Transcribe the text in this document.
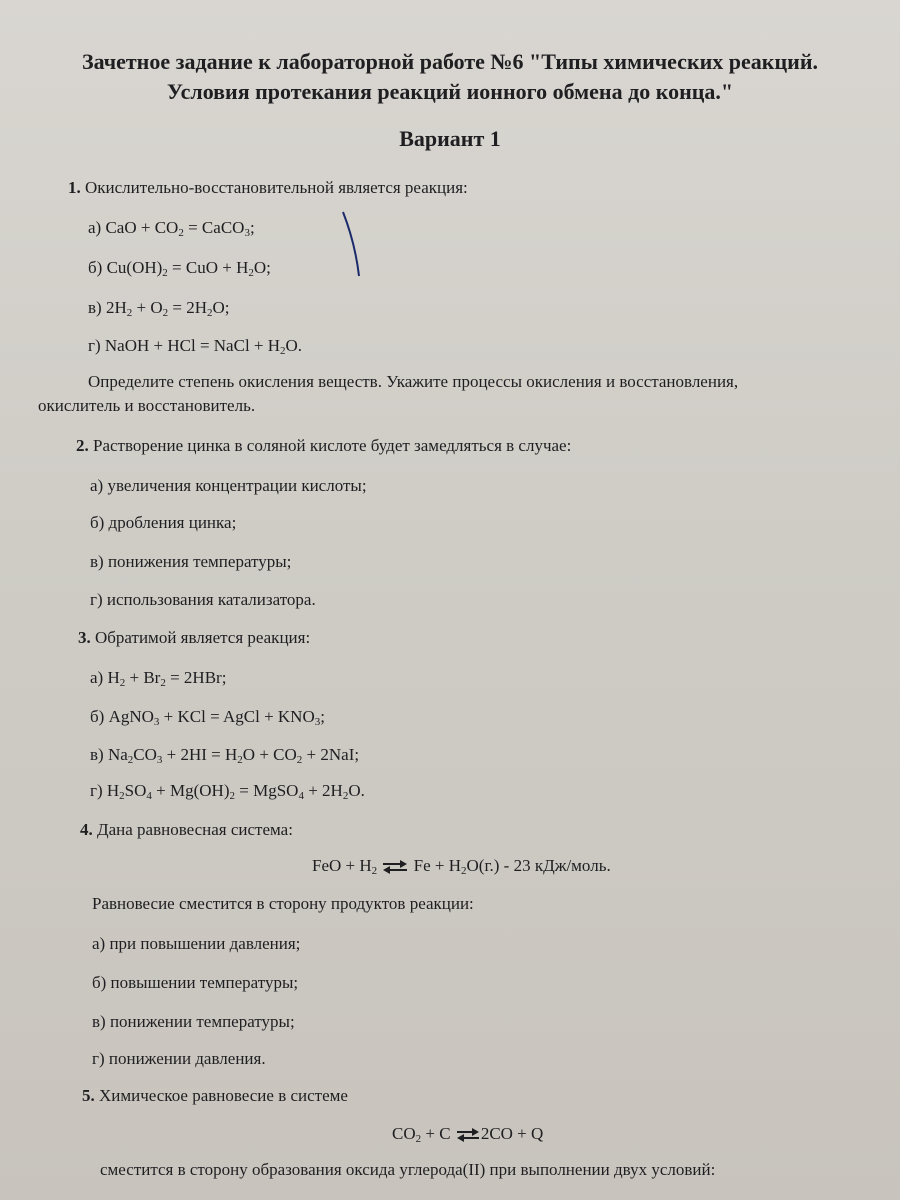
Зачетное задание к лабораторной работе №6 "Типы химических реакций.
Условия протекания реакций ионного обмена до конца."
Вариант 1
1. Окислительно-восстановительной является реакция:
а) CaO + $CO_2$ = CaCO$_3$;
б) $Cu(OH)_2$ = CuO + $H_2O$;
в) $2H_2 + O_2 = 2H_2O$;
г) NaOH + HCl = NaCl + $H_2O$.
Определите степень окисления веществ. Укажите процессы окисления и восстановления,
окислитель и восстановитель.
2. Растворение цинка в соляной кислоте будет замедляться в случае:
а) увеличения концентрации кислоты;
б) дробления цинка;
в) понижения температуры;
г) использования катализатора.
3. Обратимой является реакция:
а) $H_2 + Br_2 = 2HBr$;
б) AgNO$_3$ + KCl = AgCl + $KNO_3$;
в) $Na_2CO_3 + 2HI = H_2O + CO_2 + 2NaI$;
г) $H_2SO_4 + Mg(OH)_2$ = MgSO$_4$ + $2H_2O$.
4. Дана равновесная система:
FeO + $H_2$ ⇌ $Fe + H_2O(г.) - 23$ кДж/моль.
Равновесие сместится в сторону продуктов реакции:
а) при повышении давления;
б) повышении температуры;
в) понижении температуры;
г) понижении давления.
5. Химическое равновесие в системе
$CO_2 + C$ ⇌2CO + Q
сместится в сторону образования оксида углерода(II) при выполнении двух условий:
